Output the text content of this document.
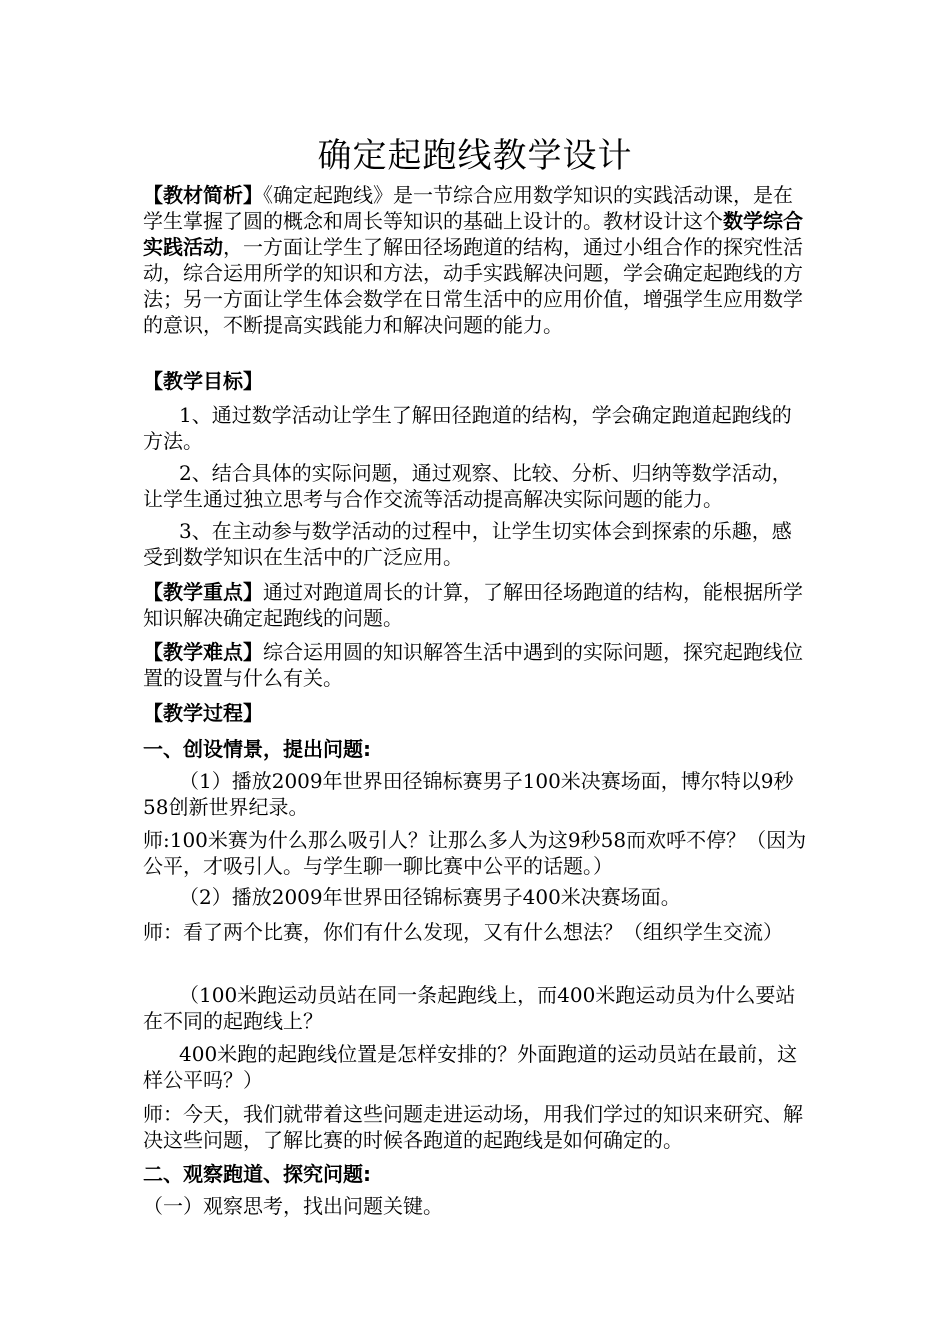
确定起跑线教学设计

【教材简析】《确定起跑线》是一节综合应用数学知识的实践活动课，是在学生掌握了圆的概念和周长等知识的基础上设计的。教材设计这个数学综合实践活动，一方面让学生了解田径场跑道的结构，通过小组合作的探究性活动，综合运用所学的知识和方法，动手实践解决问题，学会确定起跑线的方法；另一方面让学生体会数学在日常生活中的应用价值，增强学生应用数学的意识，不断提高实践能力和解决问题的能力。

【教学目标】

1、通过数学活动让学生了解田径跑道的结构，学会确定跑道起跑线的方法。

2、结合具体的实际问题，通过观察、比较、分析、归纳等数学活动，让学生通过独立思考与合作交流等活动提高解决实际问题的能力。

3、在主动参与数学活动的过程中，让学生切实体会到探索的乐趣，感受到数学知识在生活中的广泛应用。

【教学重点】通过对跑道周长的计算，了解田径场跑道的结构，能根据所学知识解决确定起跑线的问题。

【教学难点】综合运用圆的知识解答生活中遇到的实际问题，探究起跑线位置的设置与什么有关。

【教学过程】

一、创设情景，提出问题:

（1）播放2009年世界田径锦标赛男子100米决赛场面，博尔特以9秒58创新世界纪录。

师:100米赛为什么那么吸引人？让那么多人为这9秒58而欢呼不停？（因为公平，才吸引人。与学生聊一聊比赛中公平的话题。）

（2）播放2009年世界田径锦标赛男子400米决赛场面。

师：看了两个比赛，你们有什么发现，又有什么想法？（组织学生交流）

（100米跑运动员站在同一条起跑线上，而400米跑运动员为什么要站在不同的起跑线上？

400米跑的起跑线位置是怎样安排的？外面跑道的运动员站在最前，这样公平吗？）

师：今天，我们就带着这些问题走进运动场，用我们学过的知识来研究、解决这些问题，了解比赛的时候各跑道的起跑线是如何确定的。

二、观察跑道、探究问题:

（一）观察思考，找出问题关键。
